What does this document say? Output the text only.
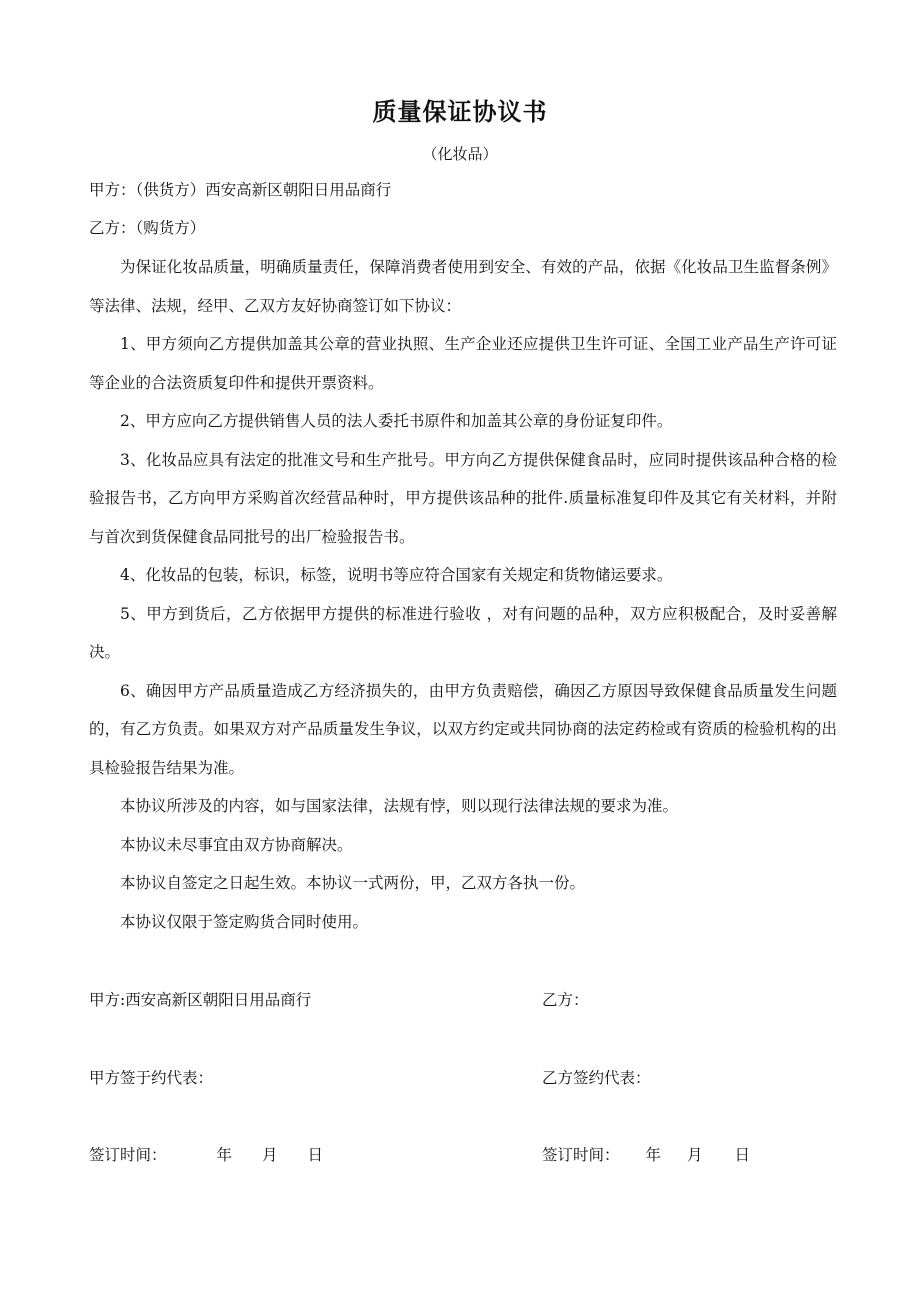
质量保证协议书
（化妆品）
甲方：（供货方）西安高新区朝阳日用品商行
乙方：（购货方）

为保证化妆品质量，明确质量责任，保障消费者使用到安全、有效的产品，依据《化妆品卫生监督条例》等法律、法规，经甲、乙双方友好协商签订如下协议：

1、甲方须向乙方提供加盖其公章的营业执照、生产企业还应提供卫生许可证、全国工业产品生产许可证等企业的合法资质复印件和提供开票资料。

2、甲方应向乙方提供销售人员的法人委托书原件和加盖其公章的身份证复印件。

3、化妆品应具有法定的批准文号和生产批号。甲方向乙方提供保健食品时，应同时提供该品种合格的检验报告书，乙方向甲方采购首次经营品种时，甲方提供该品种的批件.质量标准复印件及其它有关材料，并附与首次到货保健食品同批号的出厂检验报告书。

4、化妆品的包装，标识，标签，说明书等应符合国家有关规定和货物储运要求。

5、甲方到货后，乙方依据甲方提供的标准进行验收 ，对有问题的品种，双方应积极配合，及时妥善解决。

6、确因甲方产品质量造成乙方经济损失的，由甲方负责赔偿，确因乙方原因导致保健食品质量发生问题的，有乙方负责。如果双方对产品质量发生争议，以双方约定或共同协商的法定药检或有资质的检验机构的出具检验报告结果为准。

本协议所涉及的内容，如与国家法律，法规有悖，则以现行法律法规的要求为准。

本协议未尽事宜由双方协商解决。

本协议自签定之日起生效。本协议一式两份，甲，乙双方各执一份。

本协议仅限于签定购货合同时使用。

甲方:西安高新区朝阳日用品商行	乙方：
甲方签于约代表：	乙方签约代表：
签订时间：	年 月 日	签订时间： 年 月 日
